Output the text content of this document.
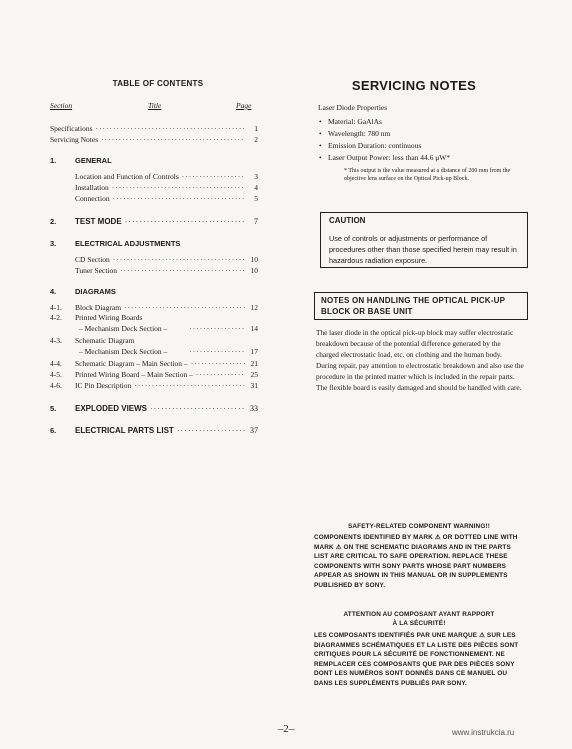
TABLE OF CONTENTS
Section	Title	Page
Specifications ·····	1
Servicing Notes ·····	2
1. GENERAL
Location and Function of Controls ·····	3
Installation ·····	4
Connection ·····	5
2. TEST MODE ·····	7
3. ELECTRICAL ADJUSTMENTS
CD Section ·····	10
Tuner Section ·····	10
4. DIAGRAMS
4-1. Block Diagram ·····	12
4-2. Printed Wiring Boards
– Mechanism Deck Section – ·····	14
4-3. Schematic Diagram
– Mechanism Deck Section – ·····	17
4-4. Schematic Diagram – Main Section – ·····	21
4-5. Printed Wiring Board – Main Section – ·····	25
4-6. IC Pin Description ·····	31
5. EXPLODED VIEWS ·····	33
6. ELECTRICAL PARTS LIST ·····	37
SERVICING NOTES
Laser Diode Properties
• Material: GaAlAs
• Wavelength: 780 nm
• Emission Duration: continuous
• Laser Output Power: less than 44.6 μW*
* This output is the value measured at a distance of 200 mm from the objective lens surface on the Optical Pick-up Block.
CAUTION
Use of controls or adjustments or performance of procedures other than those specified herein may result in hazardous radiation exposure.
NOTES ON HANDLING THE OPTICAL PICK-UP BLOCK OR BASE UNIT
The laser diode in the optical pick-up block may suffer electrostatic breakdown because of the potential difference generated by the charged electrostatic load, etc. on clothing and the human body. During repair, pay attention to electrostatic breakdown and also use the procedure in the printed matter which is included in the repair parts. The flexible board is easily damaged and should be handled with care.
SAFETY-RELATED COMPONENT WARNING!!
COMPONENTS IDENTIFIED BY MARK ⚠ OR DOTTED LINE WITH MARK ⚠ ON THE SCHEMATIC DIAGRAMS AND IN THE PARTS LIST ARE CRITICAL TO SAFE OPERATION. REPLACE THESE COMPONENTS WITH SONY PARTS WHOSE PART NUMBERS APPEAR AS SHOWN IN THIS MANUAL OR IN SUPPLEMENTS PUBLISHED BY SONY.
ATTENTION AU COMPOSANT AYANT RAPPORT
À LA SÉCURITÉ!
LES COMPOSANTS IDENTIFIÉS PAR UNE MARQUE ⚠ SUR LES DIAGRAMMES SCHÉMATIQUES ET LA LISTE DES PIÈCES SONT CRITIQUES POUR LA SÉCURITÉ DE FONCTIONNEMENT. NE REMPLACER CES COMPOSANTS QUE PAR DES PIÈCES SONY DONT LES NUMÉROS SONT DONNÉS DANS CE MANUEL OU DANS LES SUPPLÉMENTS PUBLIÉS PAR SONY.
–2–	www.instrukcia.ru
